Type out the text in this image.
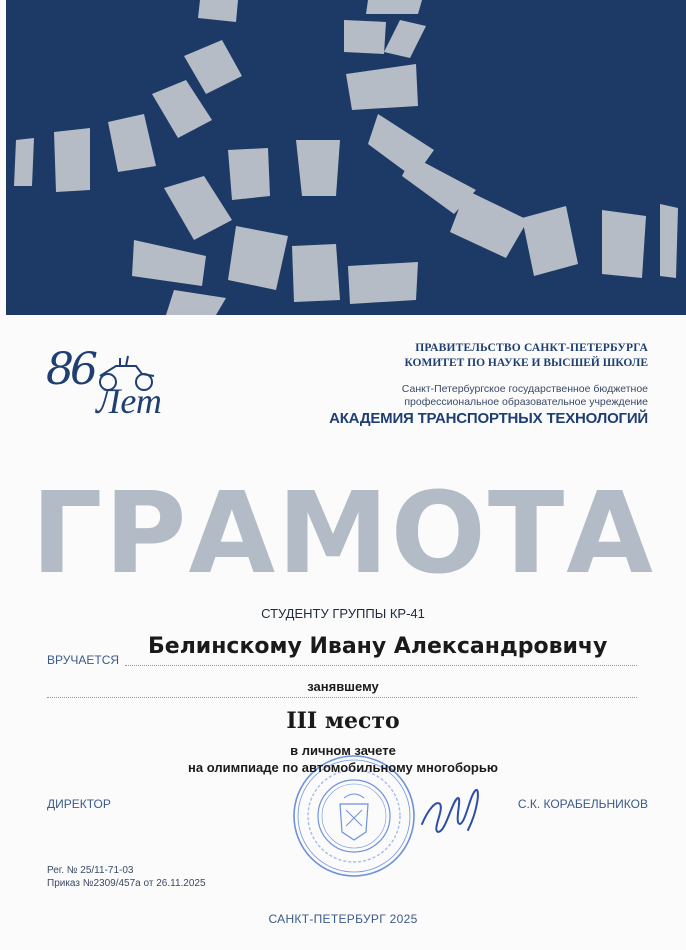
86
Лет
ПРАВИТЕЛЬСТВО САНКТ-ПЕТЕРБУРГА
КОМИТЕТ ПО НАУКЕ И ВЫСШЕЙ ШКОЛЕ
Санкт-Петербургское государственное бюджетное
профессиональное образовательное учреждение
АКАДЕМИЯ ТРАНСПОРТНЫХ ТЕХНОЛОГИЙ
ГРАМОТА
СТУДЕНТУ ГРУППЫ КР-41
ВРУЧАЕТСЯ
Белинскому Ивану Александровичу
занявшему
III место
в личном зачете
на олимпиаде по автомобильному многоборью
ДИРЕКТОР	С.К. КОРАБЕЛЬНИКОВ
Рег. № 25/11-71-03
Приказ №2309/457а от 26.11.2025
САНКТ-ПЕТЕРБУРГ 2025
